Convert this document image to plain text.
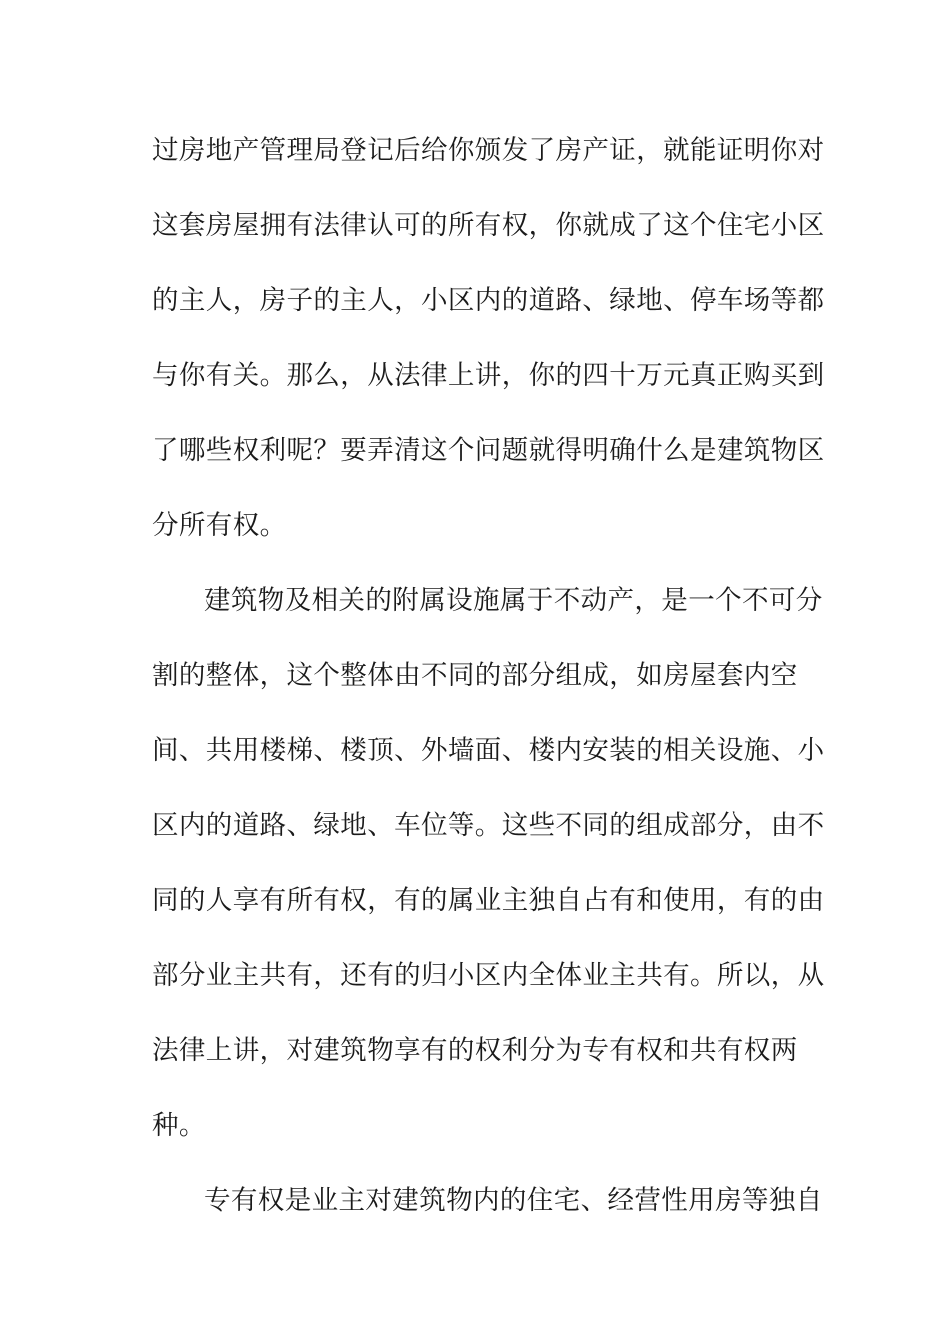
过房地产管理局登记后给你颁发了房产证，就能证明你对
这套房屋拥有法律认可的所有权，你就成了这个住宅小区
的主人，房子的主人，小区内的道路、绿地、停车场等都
与你有关。那么，从法律上讲，你的四十万元真正购买到
了哪些权利呢？要弄清这个问题就得明确什么是建筑物区
分所有权。
建筑物及相关的附属设施属于不动产，是一个不可分
割的整体，这个整体由不同的部分组成，如房屋套内空
间、共用楼梯、楼顶、外墙面、楼内安装的相关设施、小
区内的道路、绿地、车位等。这些不同的组成部分，由不
同的人享有所有权，有的属业主独自占有和使用，有的由
部分业主共有，还有的归小区内全体业主共有。所以，从
法律上讲，对建筑物享有的权利分为专有权和共有权两
种。
专有权是业主对建筑物内的住宅、经营性用房等独自
